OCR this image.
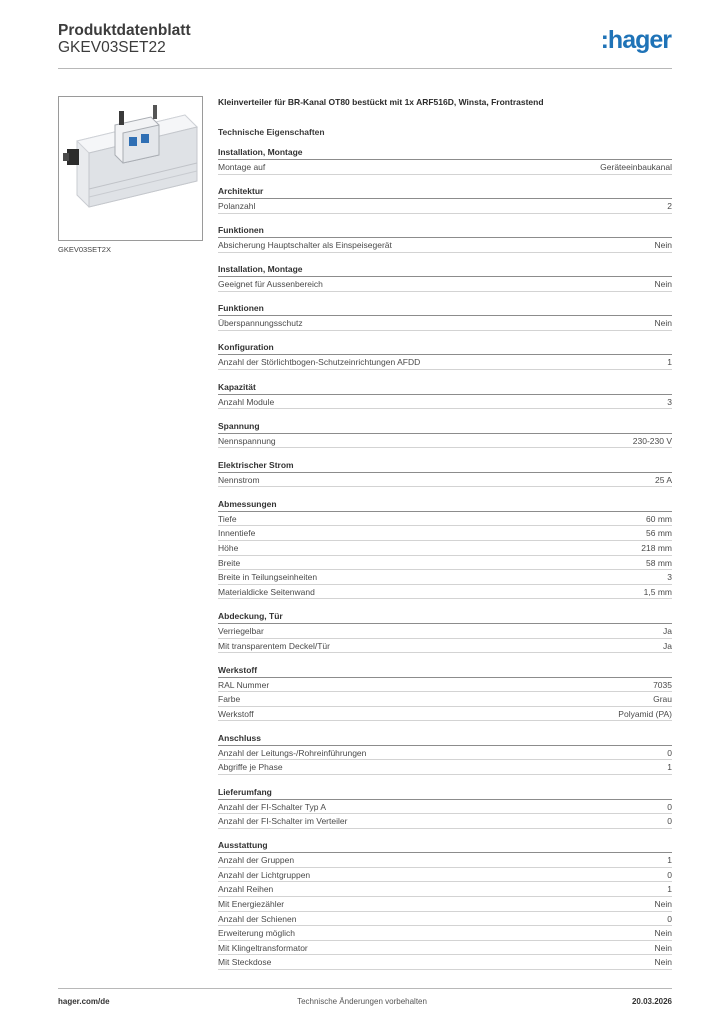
Produktdatenblatt
GKEV03SET22	:hager
GKEV03SET2X
Kleinverteiler für BR-Kanal OT80 bestückt mit 1x ARF516D, Winsta, Frontrastend
Technische Eigenschaften
Installation, Montage
Montage auf	Geräteeinbaukanal
Architektur
Polanzahl	2
Funktionen
Absicherung Hauptschalter als Einspeisegerät	Nein
Installation, Montage
Geeignet für Aussenbereich	Nein
Funktionen
Überspannungsschutz	Nein
Konfiguration
Anzahl der Störlichtbogen-Schutzeinrichtungen AFDD	1
Kapazität
Anzahl Module	3
Spannung
Nennspannung	230-230 V
Elektrischer Strom
Nennstrom	25 A
Abmessungen
Tiefe	60 mm
Innentiefe	56 mm
Höhe	218 mm
Breite	58 mm
Breite in Teilungseinheiten	3
Materialdicke Seitenwand	1,5 mm
Abdeckung, Tür
Verriegelbar	Ja
Mit transparentem Deckel/Tür	Ja
Werkstoff
RAL Nummer	7035
Farbe	Grau
Werkstoff	Polyamid (PA)
Anschluss
Anzahl der Leitungs-/Rohreinführungen	0
Abgriffe je Phase	1
Lieferumfang
Anzahl der FI-Schalter Typ A	0
Anzahl der FI-Schalter im Verteiler	0
Ausstattung
Anzahl der Gruppen	1
Anzahl der Lichtgruppen	0
Anzahl Reihen	1
Mit Energiezähler	Nein
Anzahl der Schienen	0
Erweiterung möglich	Nein
Mit Klingeltransformator	Nein
Mit Steckdose	Nein
hager.com/de	Technische Änderungen vorbehalten	20.03.2026
